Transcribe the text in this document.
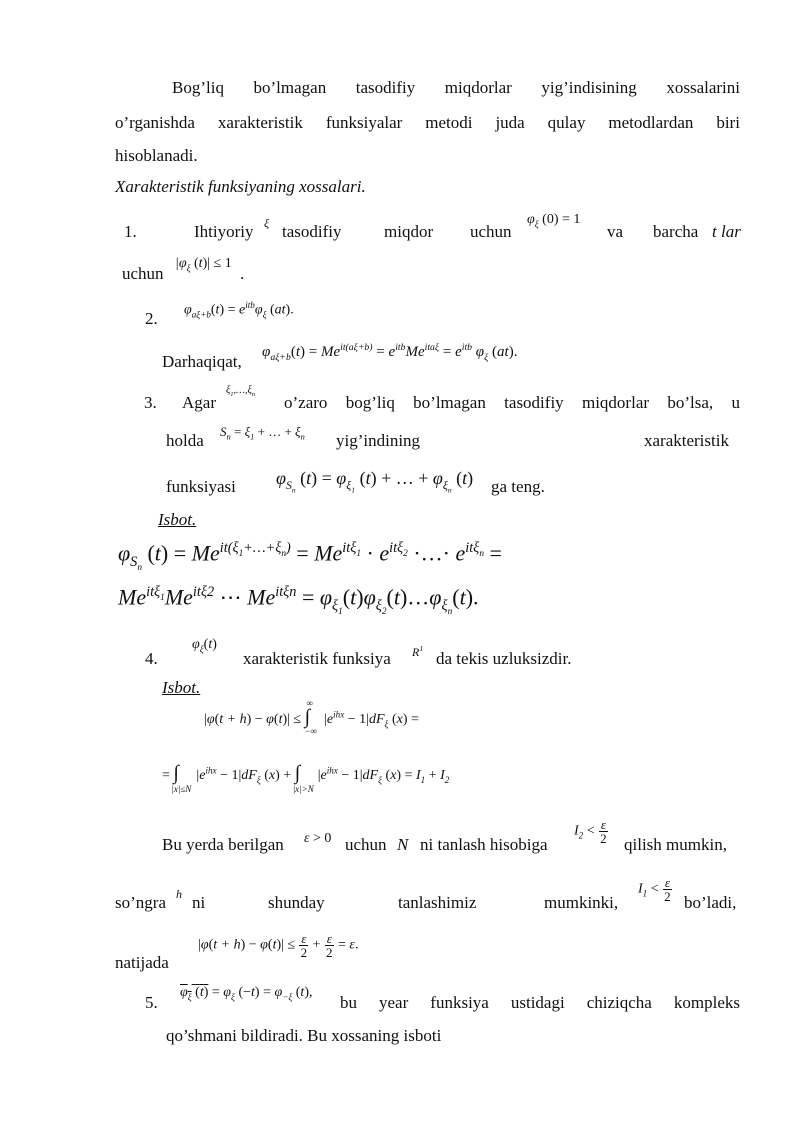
Bog’liq bo’lmagan tasodifiy miqdorlar yig’indisining xossalarini
o’rganishda xarakteristik funksiyalar metodi juda qulay metodlardan biri
hisoblanadi.
Xarakteristik funksiyaning xossalari.
1.	Ihtiyoriy ξ tasodifiy	miqdor uchun
$\varphi_\xi$ (0) = 1
va barcha t lar
uchun
$|\varphi_\xi$ (t)| ≤ 1
.
2. $\varphi_{a\xi+b}(t) = e^{itb}\varphi_\xi$ (at).
Darhaqiqat, $\varphi_{a\xi+b}(t) = Me^{it(a\xi+b)} = e^{itb}Me^{ita\xi} = e^{itb}$ $\varphi_\xi$ (at).
3. Agar
$\xi_1,\dots,\xi_n$ o’zaro bog’liq bo’lmagan tasodifiy miqdorlar bo’lsa, u
holda $S_n = \xi_1$ + … + $\xi_n$ yig’indining	xarakteristik
funksiyasi $\varphi_{S_n}$ $(t) = \varphi_{\xi_1}$ (t) + … + $\varphi_{\xi_n}$ (t) ga teng.
Isbot.
$\varphi_{S_n}$ $(t) = Me^{it(\xi_1+\dots+\xi_n)} = Me^{it\xi_1} \cdot e^{it\xi_2}$ ·…· $e^{it\xi_n}$ =
$Me^{it\xi_1}Me^{it\xi 2}$ ⋯ $Me^{it\xi n}$ = $\varphi_{\xi_1}(t)\varphi_{\xi_2}(t)\dots\varphi_{\xi_n}(t)$.
4.
$\varphi_\xi(t)$
xarakteristik funksiya $R^1$
da tekis uzluksizdir.
Isbot.
|φ(t + h) − φ(t)| ≤ ∫
∞
−∞
$|e^{ihx} - 1|dF_\xi$ (x) =
= ∫
|x|≤N
$|e^{ihx} - 1|dF_\xi$ (x) + ∫
|x|>N
$|e^{ihx} - 1|dF_\xi$ $(x) = I_1 + I_2$
Bu yerda berilgan ε > 0 uchun N ni tanlash hisobiga
$I_2 < \frac{\varepsilon}{2}$ qilish mumkin,
so’ngra h ni	shunday	tanlashimiz	mumkinki,
$I_1 < \frac{\varepsilon}{2}$ bo’ladi,
natijada
$|\varphi(t + h) - \varphi(t)| \le \frac{\varepsilon}{2} + \frac{\varepsilon}{2} = \varepsilon$.
5.
$\varphi_\xi$ $(t) = \varphi_\xi$ $(-t) = \varphi_{-\xi}$ (t),
bu year funksiya ustidagi chiziqcha kompleks
qo’shmani bildiradi. Bu xossaning isboti
